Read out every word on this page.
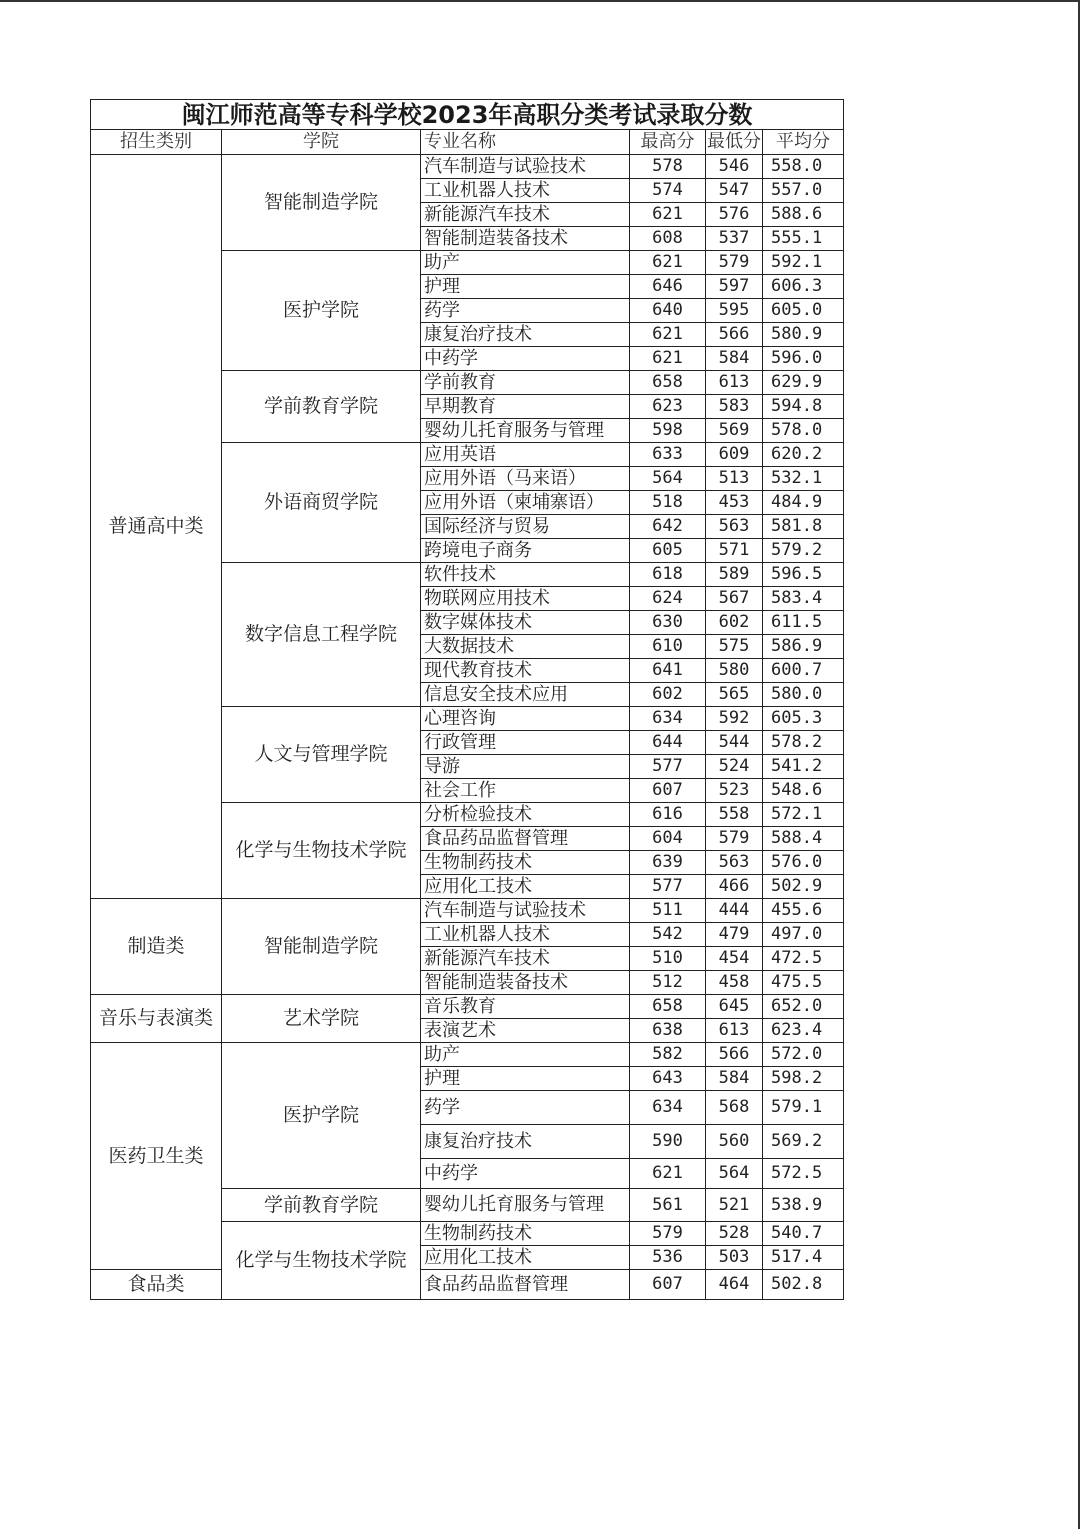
闽江师范高等专科学校2023年高职分类考试录取分数					
招生类别	学院	专业名称	最高分	最低分	平均分
普通高中类	智能制造学院	汽车制造与试验技术	578	546	558.0
		工业机器人技术	574	547	557.0
		新能源汽车技术	621	576	588.6
		智能制造装备技术	608	537	555.1
	医护学院	助产	621	579	592.1
		护理	646	597	606.3
		药学	640	595	605.0
		康复治疗技术	621	566	580.9
		中药学	621	584	596.0
	学前教育学院	学前教育	658	613	629.9
		早期教育	623	583	594.8
		婴幼儿托育服务与管理	598	569	578.0
	外语商贸学院	应用英语	633	609	620.2
		应用外语（马来语）	564	513	532.1
		应用外语（柬埔寨语）	518	453	484.9
		国际经济与贸易	642	563	581.8
		跨境电子商务	605	571	579.2
	数字信息工程学院	软件技术	618	589	596.5
		物联网应用技术	624	567	583.4
		数字媒体技术	630	602	611.5
		大数据技术	610	575	586.9
		现代教育技术	641	580	600.7
		信息安全技术应用	602	565	580.0
	人文与管理学院	心理咨询	634	592	605.3
		行政管理	644	544	578.2
		导游	577	524	541.2
		社会工作	607	523	548.6
	化学与生物技术学院	分析检验技术	616	558	572.1
		食品药品监督管理	604	579	588.4
		生物制药技术	639	563	576.0
		应用化工技术	577	466	502.9
制造类	智能制造学院	汽车制造与试验技术	511	444	455.6
		工业机器人技术	542	479	497.0
		新能源汽车技术	510	454	472.5
		智能制造装备技术	512	458	475.5
音乐与表演类	艺术学院	音乐教育	658	645	652.0
		表演艺术	638	613	623.4
医药卫生类	医护学院	助产	582	566	572.0
		护理	643	584	598.2
		药学	634	568	579.1
		康复治疗技术	590	560	569.2
		中药学	621	564	572.5
	学前教育学院	婴幼儿托育服务与管理	561	521	538.9
	化学与生物技术学院	生物制药技术	579	528	540.7
		应用化工技术	536	503	517.4
食品类		食品药品监督管理	607	464	502.8
